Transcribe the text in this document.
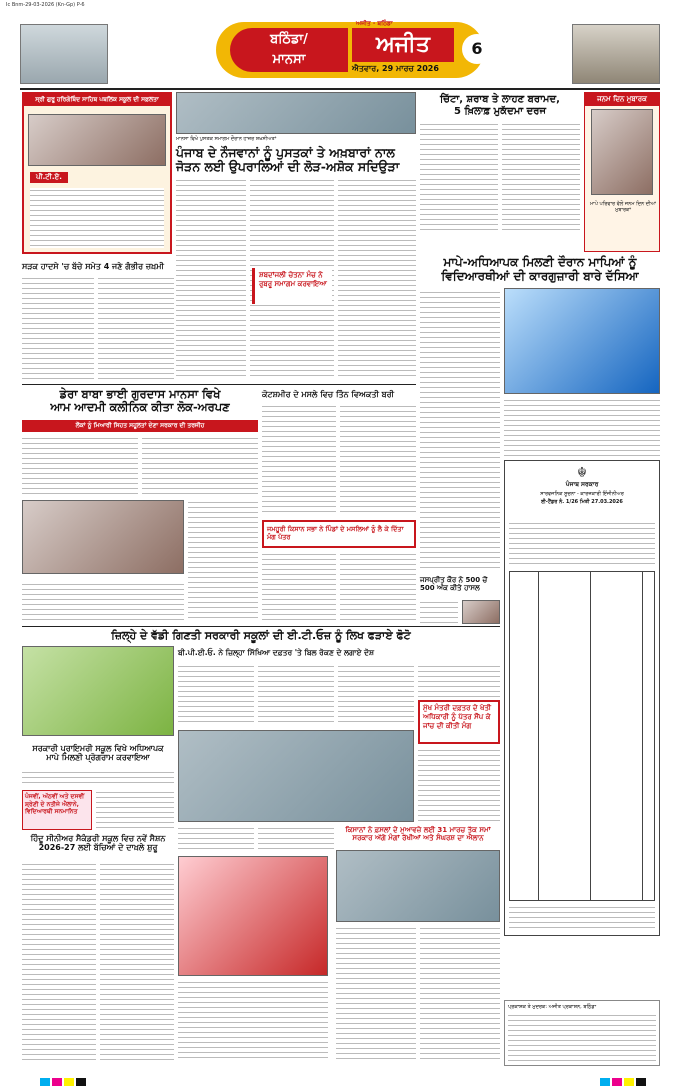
Iс Bnm-29-03-2026 (Kn-Gp) P-6
ਬਠਿੰਡਾ/
ਮਾਨਸਾ
ਅਜੀਤ - ਬਠਿੰਡਾ
ਅਜੀਤ
ਐਤਵਾਰ, 29 ਮਾਰਚ 2026
6
ਸ੍ਰੀ ਗੁਰੂ ਹਰਿਗੋਬਿੰਦ ਸਾਹਿਬ ਪਬਲਿਕ ਸਕੂਲ ਦੀ ਸਫ਼ਲਤਾ
ਪੀ.ਟੀ.ਏ.
ਮਾਨਸਾ ਵਿਖੇ ਪੁਸਤਕ ਸਮਾਗਮ ਦੌਰਾਨ ਹਾਜ਼ਰ ਸ਼ਖ਼ਸੀਅਤਾਂ
ਪੰਜਾਬ ਦੇ ਨੌਜਵਾਨਾਂ ਨੂੰ ਪੁਸਤਕਾਂ ਤੇ ਅਖ਼ਬਾਰਾਂ ਨਾਲ
ਜੋੜਨ ਲਈ ਉਪਰਾਲਿਆਂ ਦੀ ਲੋੜ-ਅਸ਼ੋਕ ਸਦਿਉੜਾ
ਸ਼ਬਦਾਂਜਲੀ ਚੇਤਨਾ ਮੰਚ ਨੇ ਰੁਬਰੂ ਸਮਾਗਮ ਕਰਵਾਇਆ
ਚਿੱਟਾ, ਸ਼ਰਾਬ ਤੇ ਲਾਹਣ ਬਰਾਮਦ,
5 ਖ਼ਿਲਾਫ਼ ਮੁਕੱਦਮਾ ਦਰਜ
ਜਨਮ ਦਿਨ ਮੁਬਾਰਕ
ਮਾਪੇ ਪਰਿਵਾਰ ਵੱਲੋਂ ਜਨਮ ਦਿਨ ਦੀਆਂ ਮੁਬਾਰਕਾਂ
ਸੜਕ ਹਾਦਸੇ 'ਚ ਬੱਚੇ ਸਮੇਤ 4 ਜਣੇ ਗੰਭੀਰ ਜ਼ਖ਼ਮੀ	ਮਾਪੇ-ਅਧਿਆਪਕ ਮਿਲਣੀ ਦੌਰਾਨ ਮਾਪਿਆਂ ਨੂੰ
ਵਿਦਿਆਰਥੀਆਂ ਦੀ ਕਾਰਗੁਜ਼ਾਰੀ ਬਾਰੇ ਦੱਸਿਆ
ਡੇਰਾ ਬਾਬਾ ਭਾਈ ਗੁਰਦਾਸ ਮਾਨਸਾ ਵਿਖੇ
ਆਮ ਆਦਮੀ ਕਲੀਨਿਕ ਕੀਤਾ ਲੋਕ-ਅਰਪਣ
ਲੋਕਾਂ ਨੂੰ ਮਿਆਰੀ ਸਿਹਤ ਸਹੂਲਤਾਂ ਦੇਣਾ ਸਰਕਾਰ ਦੀ ਤਰਜੀਹ
ਕੋਟਸ਼ਮੀਰ ਦੇ ਮਸਲੇ ਵਿਚ ਤਿੰਨ ਵਿਅਕਤੀ ਬਰੀ
ਜਮਹੂਰੀ ਕਿਸਾਨ ਸਭਾ ਨੇ ਪਿੰਡਾਂ ਦੇ ਮਸਲਿਆਂ ਨੂੰ ਲੈ ਕੇ ਦਿੱਤਾ ਮੰਗ ਪੱਤਰ
ਜਸਪ੍ਰੀਤ ਕੌਰ ਨੇ 500 ਚੋਂ 500 ਅੰਕ ਕੀਤੇ ਹਾਸਲ
☬
ਪੰਜਾਬ ਸਰਕਾਰ
ਸਾਰਵਜਨਿਕ ਸੂਚਨਾ - ਕਾਰਜਕਾਰੀ ਇੰਜੀਨੀਅਰ
ਈ-ਟੈਂਡਰ ਨੰ. 1/26 ਮਿਤੀ 27.03.2026
ਜ਼ਿਲ੍ਹੇ ਦੇ ਵੱਡੀ ਗਿਣਤੀ ਸਰਕਾਰੀ ਸਕੂਲਾਂ ਦੀ ਈ.ਟੀ.ਓਜ਼ ਨੂੰ ਲਿਖ ਫੜਾਏ ਫੋਟੋ
ਬੀ.ਪੀ.ਈ.ਓ. ਨੇ ਜ਼ਿਲ੍ਹਾ ਸਿੱਖਿਆ ਦਫ਼ਤਰ 'ਤੇ ਬਿਲ ਰੋਕਣ ਦੇ ਲਗਾਏ ਦੋਸ਼
ਮੁੱਖ ਮੰਤਰੀ ਦਫ਼ਤਰ ਦੇ ਖੇਤੀ ਅਧਿਕਾਰੀ ਨੂੰ ਪੱਤਰ ਸੌਂਪ ਕੇ ਜਾਂਚ ਦੀ ਕੀਤੀ ਮੰਗ
ਸਰਕਾਰੀ ਪ੍ਰਾਇਮਰੀ ਸਕੂਲ ਵਿਖੇ ਅਧਿਆਪਕ
ਮਾਪੇ ਮਿਲਣੀ ਪ੍ਰੋਗਰਾਮ ਕਰਵਾਇਆ
ਪੰਜਵੀਂ, ਅੱਠਵੀਂ ਅਤੇ ਦਸਵੀਂ ਸ਼੍ਰੇਣੀ ਦੇ ਨਤੀਜੇ ਐਲਾਨੇ, ਵਿਦਿਆਰਥੀ ਸਨਮਾਨਿਤ
ਹਿੰਦੂ ਸੀਨੀਅਰ ਸੈਕੰਡਰੀ ਸਕੂਲ ਵਿਚ ਨਵੇਂ ਸੈਸ਼ਨ
2026-27 ਲਈ ਬੱਚਿਆਂ ਦੇ ਦਾਖ਼ਲੇ ਸ਼ੁਰੂ
ਕਿਸਾਨਾਂ ਨੇ ਫ਼ਸਲਾਂ ਦੇ ਮੁਆਵਜ਼ੇ ਲਈ 31 ਮਾਰਚ ਤੱਕ ਸਮਾਂ
ਸਰਕਾਰ ਅੱਗੇ ਮੰਗਾਂ ਰੱਖੀਆਂ ਅਤੇ ਸੰਘਰਸ਼ ਦਾ ਐਲਾਨ
ਪ੍ਰਕਾਸ਼ਕ ਤੇ ਮੁਦਰਕ: ਅਜੀਤ ਪ੍ਰਕਾਸ਼ਨ, ਬਠਿੰਡਾ
